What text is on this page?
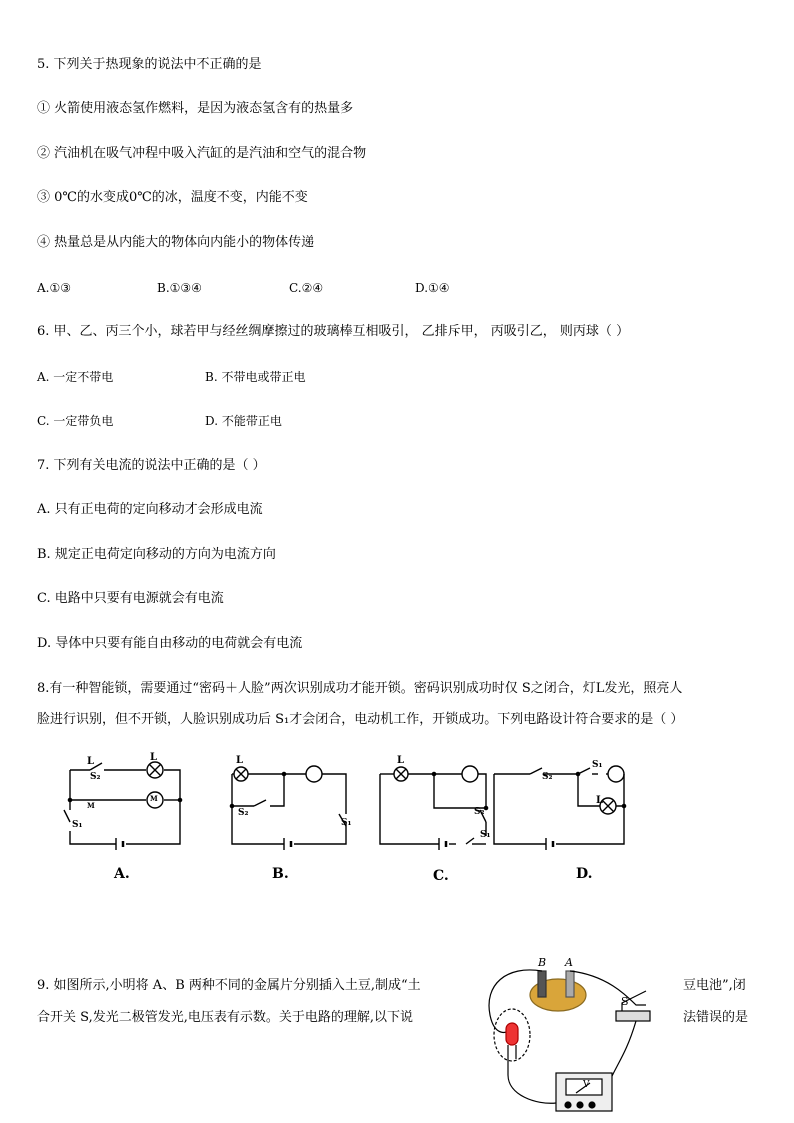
5. 下列关于热现象的说法中不正确的是
① 火箭使用液态氢作燃料，是因为液态氢含有的热量多
② 汽油机在吸气冲程中吸入汽缸的是汽油和空气的混合物
③ 0℃的水变成0℃的冰，温度不变，内能不变
④ 热量总是从内能大的物体向内能小的物体传递
A.①③	B.①③④	C.②④	D.①④
6. 甲、乙、丙三个小，球若甲与经丝绸摩擦过的玻璃棒互相吸引， 乙排斥甲， 丙吸引乙， 则丙球（ ）
A. 一定不带电	B. 不带电或带正电
C. 一定带负电	D. 不能带正电
7. 下列有关电流的说法中正确的是（ ）
A. 只有正电荷的定向移动才会形成电流
B. 规定正电荷定向移动的方向为电流方向
C. 电路中只要有电源就会有电流
D. 导体中只要有能自由移动的电荷就会有电流
8.有一种智能锁，需要通过“密码＋人脸”两次识别成功才能开锁。密码识别成功时仅 S之闭合，灯L发光，照亮人
脸进行识别，但不开锁，人脸识别成功后 S₁才会闭合，电动机工作，开锁成功。下列电路设计符合要求的是（ ）
L
M
S₁
L
M
S₂
A.
L
S₂
S₁
B.
L
S₂
S₁
C.
S₂
S₁
L
D.
9. 如图所示,小明将 A、B 两种不同的金属片分别插入土豆,制成“土
合开关 S,发光二极管发光,电压表有示数。关于电路的理解,以下说
豆电池”,闭
法错误的是
B A
S
V
